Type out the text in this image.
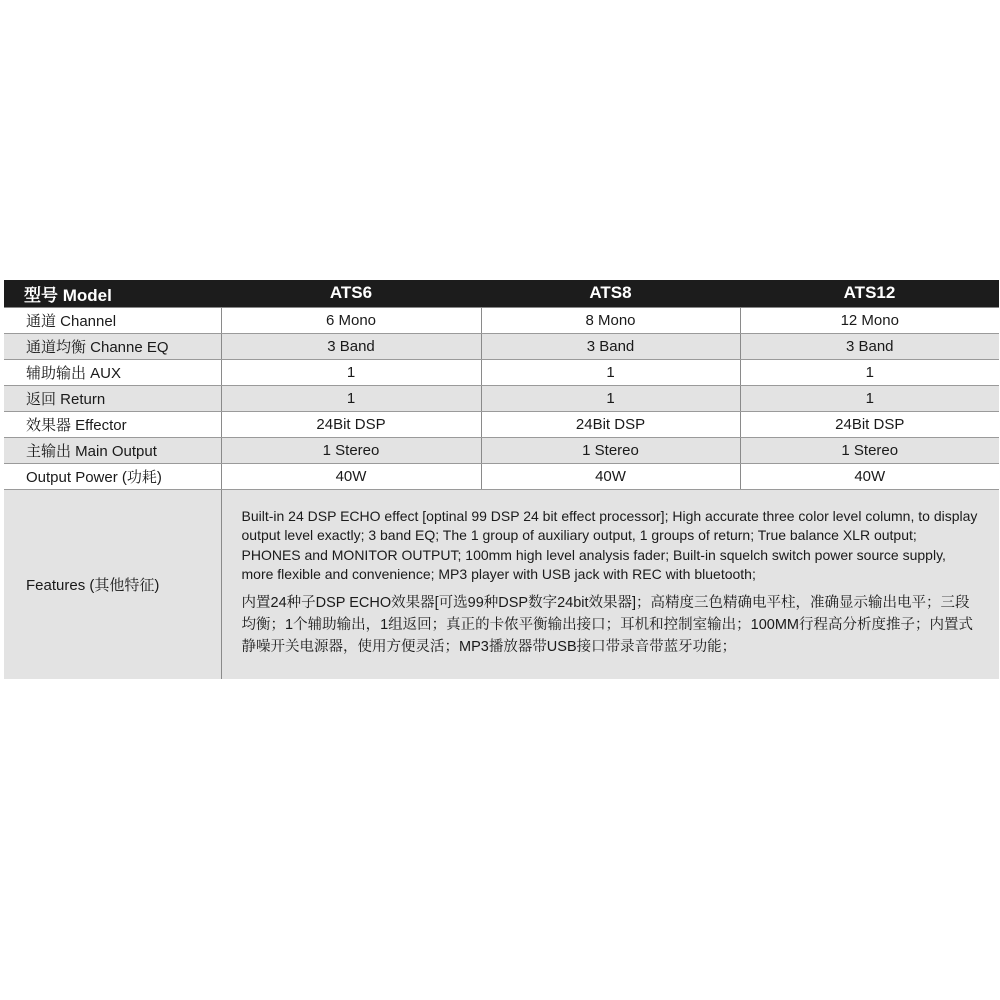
型号 Model	ATS6	ATS8	ATS12
通道 Channel	6 Mono	8 Mono	12 Mono
通道均衡 Channe EQ	3 Band	3 Band	3 Band
辅助输出 AUX	1	1	1
返回 Return	1	1	1
效果器 Effector	24Bit DSP	24Bit DSP	24Bit DSP
主输出 Main Output	1 Stereo	1 Stereo	1 Stereo
Output Power (功耗)	40W	40W	40W
Features (其他特征)	Built-in 24 DSP ECHO effect [optinal 99 DSP 24 bit effect processor]; High accurate three color level column, to display output level exactly; 3 band EQ; The 1 group of auxiliary output, 1 groups of return; True balance XLR output; PHONES and MONITOR OUTPUT; 100mm high level analysis fader; Built-in squelch switch power source supply, more flexible and convenience; MP3 player with USB jack with REC with bluetooth;

内置24种子DSP ECHO效果器[可选99种DSP数字24bit效果器]；高精度三色精确电平柱，准确显示输出电平；三段均衡；1个辅助输出，1组返回；真正的卡侬平衡输出接口；耳机和控制室输出；100MM行程高分析度推子；内置式静噪开关电源器，使用方便灵活；MP3播放器带USB接口带录音带蓝牙功能；		
